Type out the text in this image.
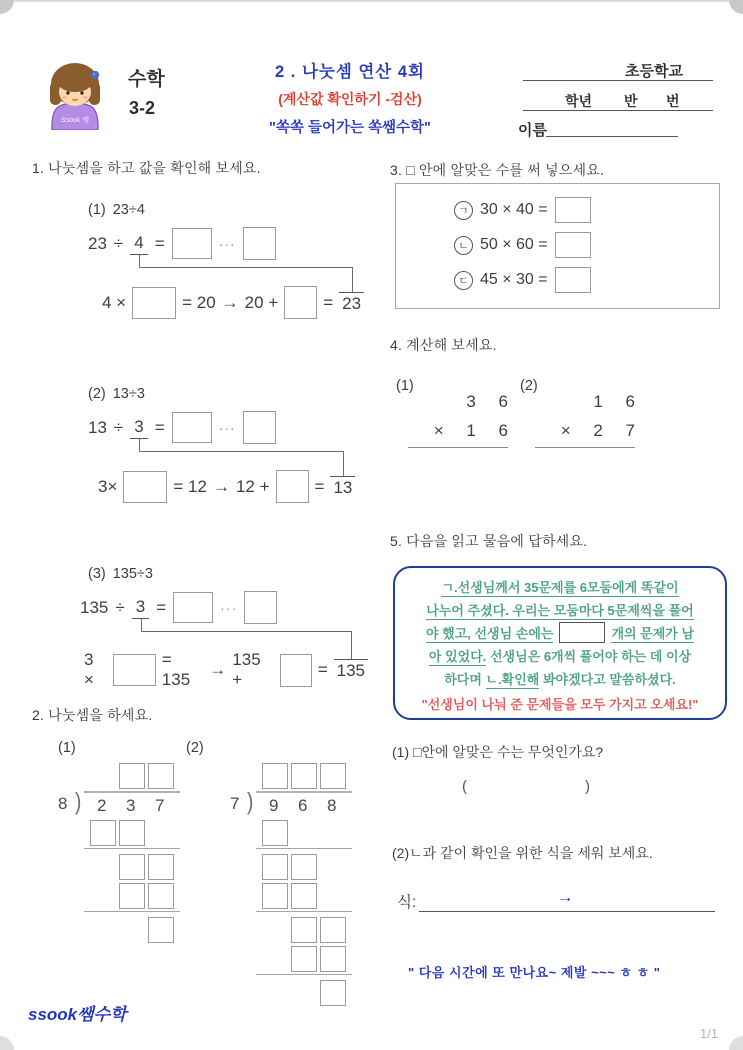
Ssook 쌤
수학
3-2
2 . 나눗셈 연산 4회
(계산값 확인하기 -검산)
"쏙쏙 들어가는 쏙쌤수학"
초등학교
학년 반 번
이름
1. 나눗셈을 하고 값을 확인해 보세요.
(1) 23÷4
23 ÷ 4 =	···
4 ×	= 20 → 20 +	= 23
(2) 13÷3
13 ÷ 3 =	···
3×	= 12 → 12 +	= 13
(3) 135÷3
135 ÷ 3 =	···
3 ×
= 135
→
135 +
= 135
2. 나눗셈을 하세요.
(1)
8 ) 2 3 7
(2)
7 ) 9 6 8
3. □ 안에 알맞은 수를 써 넣으세요.
ㄱ 30 × 40 =
ㄴ 50 × 60 =
ㄷ 45 × 30 =
4. 계산해 보세요.
(1)
3 6
× 1 6
(2)
1 6
× 2 7
5. 다음을 읽고 물음에 답하세요.
ㄱ.선생님께서 35문제를 6모둠에게 똑같이
나누어 주셨다. 우리는 모둠마다 5문제씩을 풀어
야 했고, 선생님 손에는	개의 문제가 남
아 있었다. 선생님은 6개씩 풀어야 하는 데 이상
하다며 ㄴ.확인해 봐야겠다고 말씀하셨다.
"선생님이 나눠 준 문제들을 모두 가지고 오세요!"
(1) □안에 알맞은 수는 무엇인가요?
(	)
(2)ㄴ과 같이 확인을 위한 식을 세워 보세요.
식:	→
" 다음 시간에 또 만나요~ 제발 ~~~ ㅎ ㅎ "
ssook쌤수학
1/1
